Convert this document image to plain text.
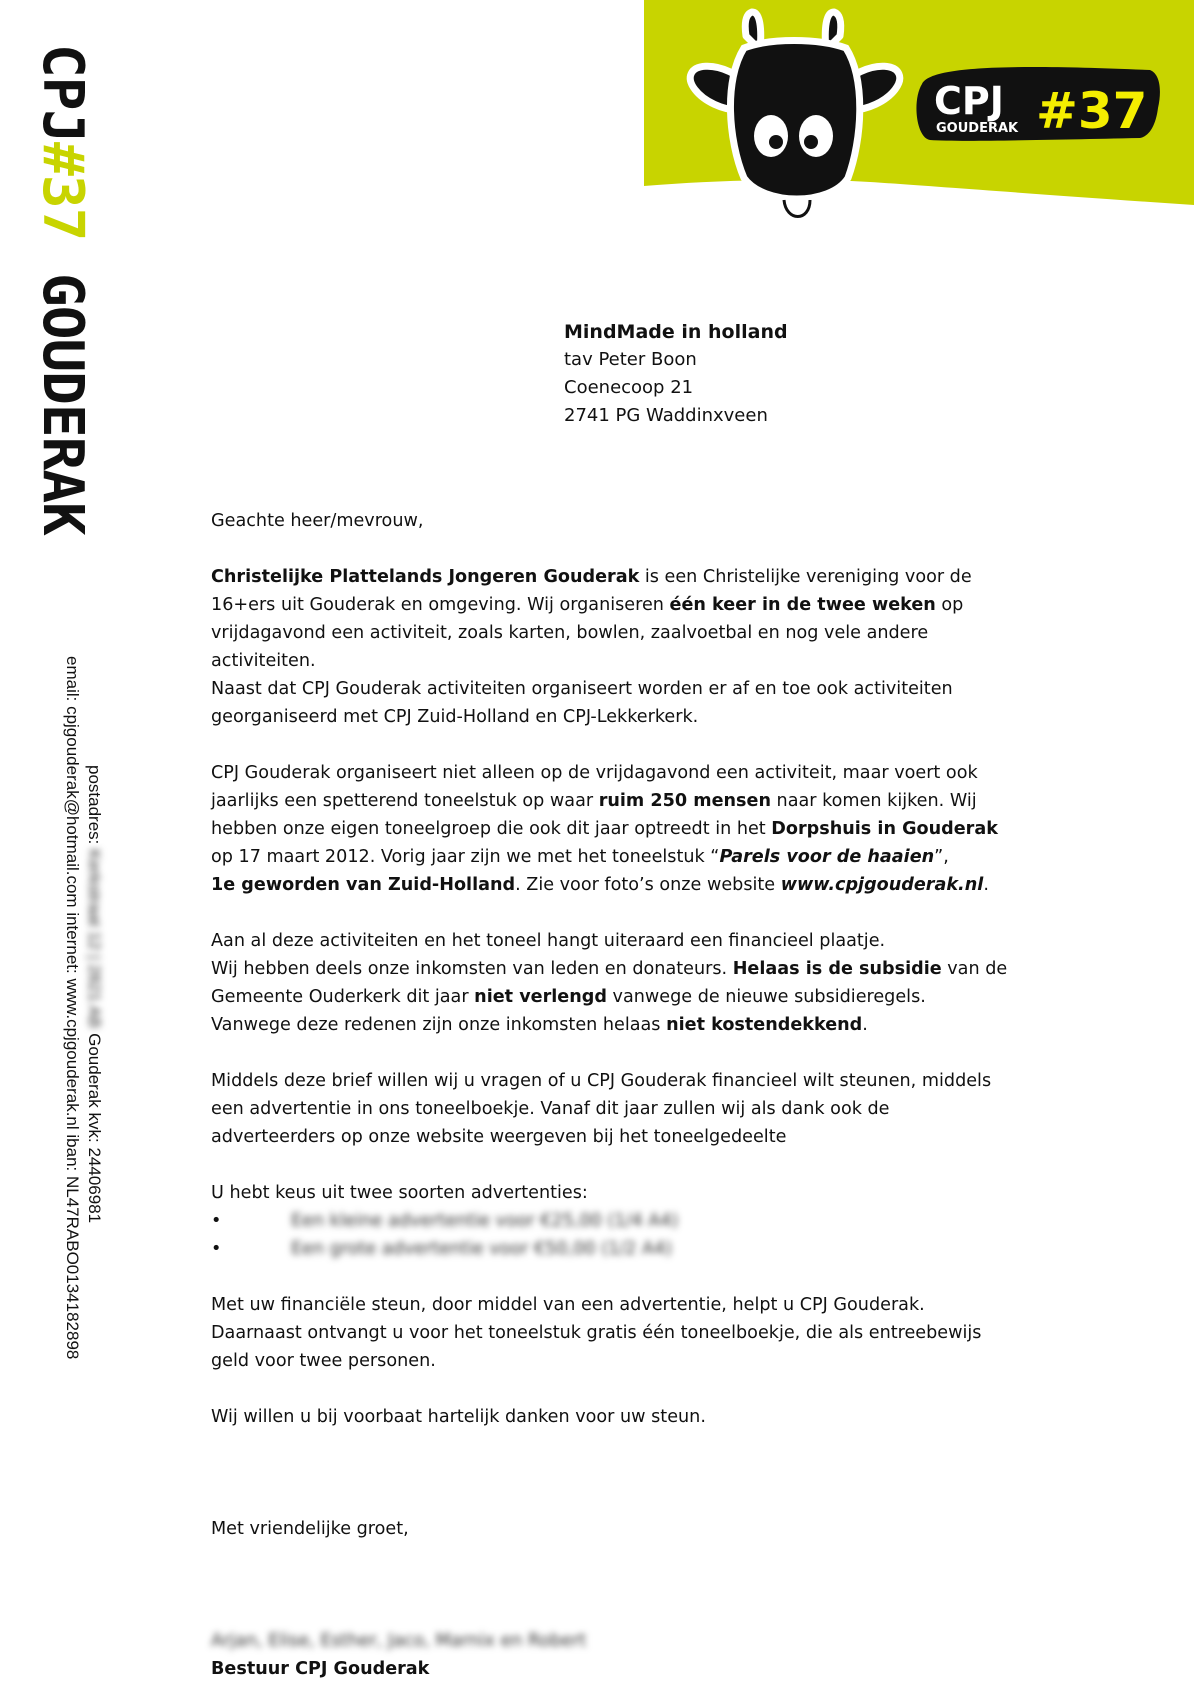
CPJ
GOUDERAK #37
CPJ#37 GOUDERAK
email: cpjgouderak@hotmail.com internet: www.cpjgouderak.nl iban: NL47RABO0134182898
postadres: Kerkstraat 12 | 2821 AB Gouderak kvk: 24406981
MindMade in holland
tav Peter Boon
Coenecoop 21
2741 PG Waddinxveen

Geachte heer/mevrouw,

Christelijke Plattelands Jongeren Gouderak is een Christelijke vereniging voor de 16+ers uit Gouderak en omgeving. Wij organiseren één keer in de twee weken op vrijdagavond een activiteit, zoals karten, bowlen, zaalvoetbal en nog vele andere activiteiten.
Naast dat CPJ Gouderak activiteiten organiseert worden er af en toe ook activiteiten georganiseerd met CPJ Zuid-Holland en CPJ-Lekkerkerk.

CPJ Gouderak organiseert niet alleen op de vrijdagavond een activiteit, maar voert ook jaarlijks een spetterend toneelstuk op waar ruim 250 mensen naar komen kijken. Wij hebben onze eigen toneelgroep die ook dit jaar optreedt in het Dorpshuis in Gouderak op 17 maart 2012. Vorig jaar zijn we met het toneelstuk “Parels voor de haaien”,
1e geworden van Zuid-Holland. Zie voor foto’s onze website www.cpjgouderak.nl.

Aan al deze activiteiten en het toneel hangt uiteraard een financieel plaatje.
Wij hebben deels onze inkomsten van leden en donateurs. Helaas is de subsidie van de Gemeente Ouderkerk dit jaar niet verlengd vanwege de nieuwe subsidieregels.
Vanwege deze redenen zijn onze inkomsten helaas niet kostendekkend.

Middels deze brief willen wij u vragen of u CPJ Gouderak financieel wilt steunen, middels een advertentie in ons toneelboekje. Vanaf dit jaar zullen wij als dank ook de adverteerders op onze website weergeven bij het toneelgedeelte

U hebt keus uit twee soorten advertenties:
•	Een kleine advertentie voor €25,00 (1/4 A4)
•	Een grote advertentie voor €50,00 (1/2 A4)

Met uw financiële steun, door middel van een advertentie, helpt u CPJ Gouderak. Daarnaast ontvangt u voor het toneelstuk gratis één toneelboekje, die als entreebewijs geld voor twee personen.

Wij willen u bij voorbaat hartelijk danken voor uw steun.

Met vriendelijke groet,
Arjan, Elise, Esther, Jaco, Marnix en Robert
Bestuur CPJ Gouderak
